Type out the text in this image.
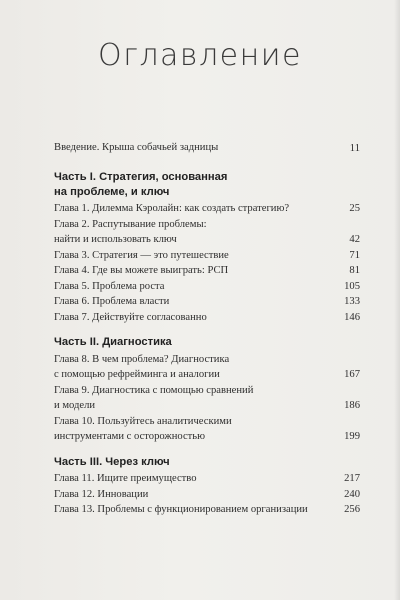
Оглавление
Введение. Крыша собачьей задницы	11
Часть I. Стратегия, основанная
на проблеме, и ключ
Глава 1. Дилемма Кэролайн: как создать стратегию?	25
Глава 2. Распутывание проблемы:
найти и использовать ключ	42
Глава 3. Стратегия — это путешествие	71
Глава 4. Где вы можете выиграть: РСП	81
Глава 5. Проблема роста	105
Глава 6. Проблема власти	133
Глава 7. Действуйте согласованно	146
Часть II. Диагностика
Глава 8. В чем проблема? Диагностика
с помощью рефрейминга и аналогии	167
Глава 9. Диагностика с помощью сравнений
и модели	186
Глава 10. Пользуйтесь аналитическими
инструментами с осторожностью	199
Часть III. Через ключ
Глава 11. Ищите преимущество	217
Глава 12. Инновации	240
Глава 13. Проблемы с функционированием организации	256
